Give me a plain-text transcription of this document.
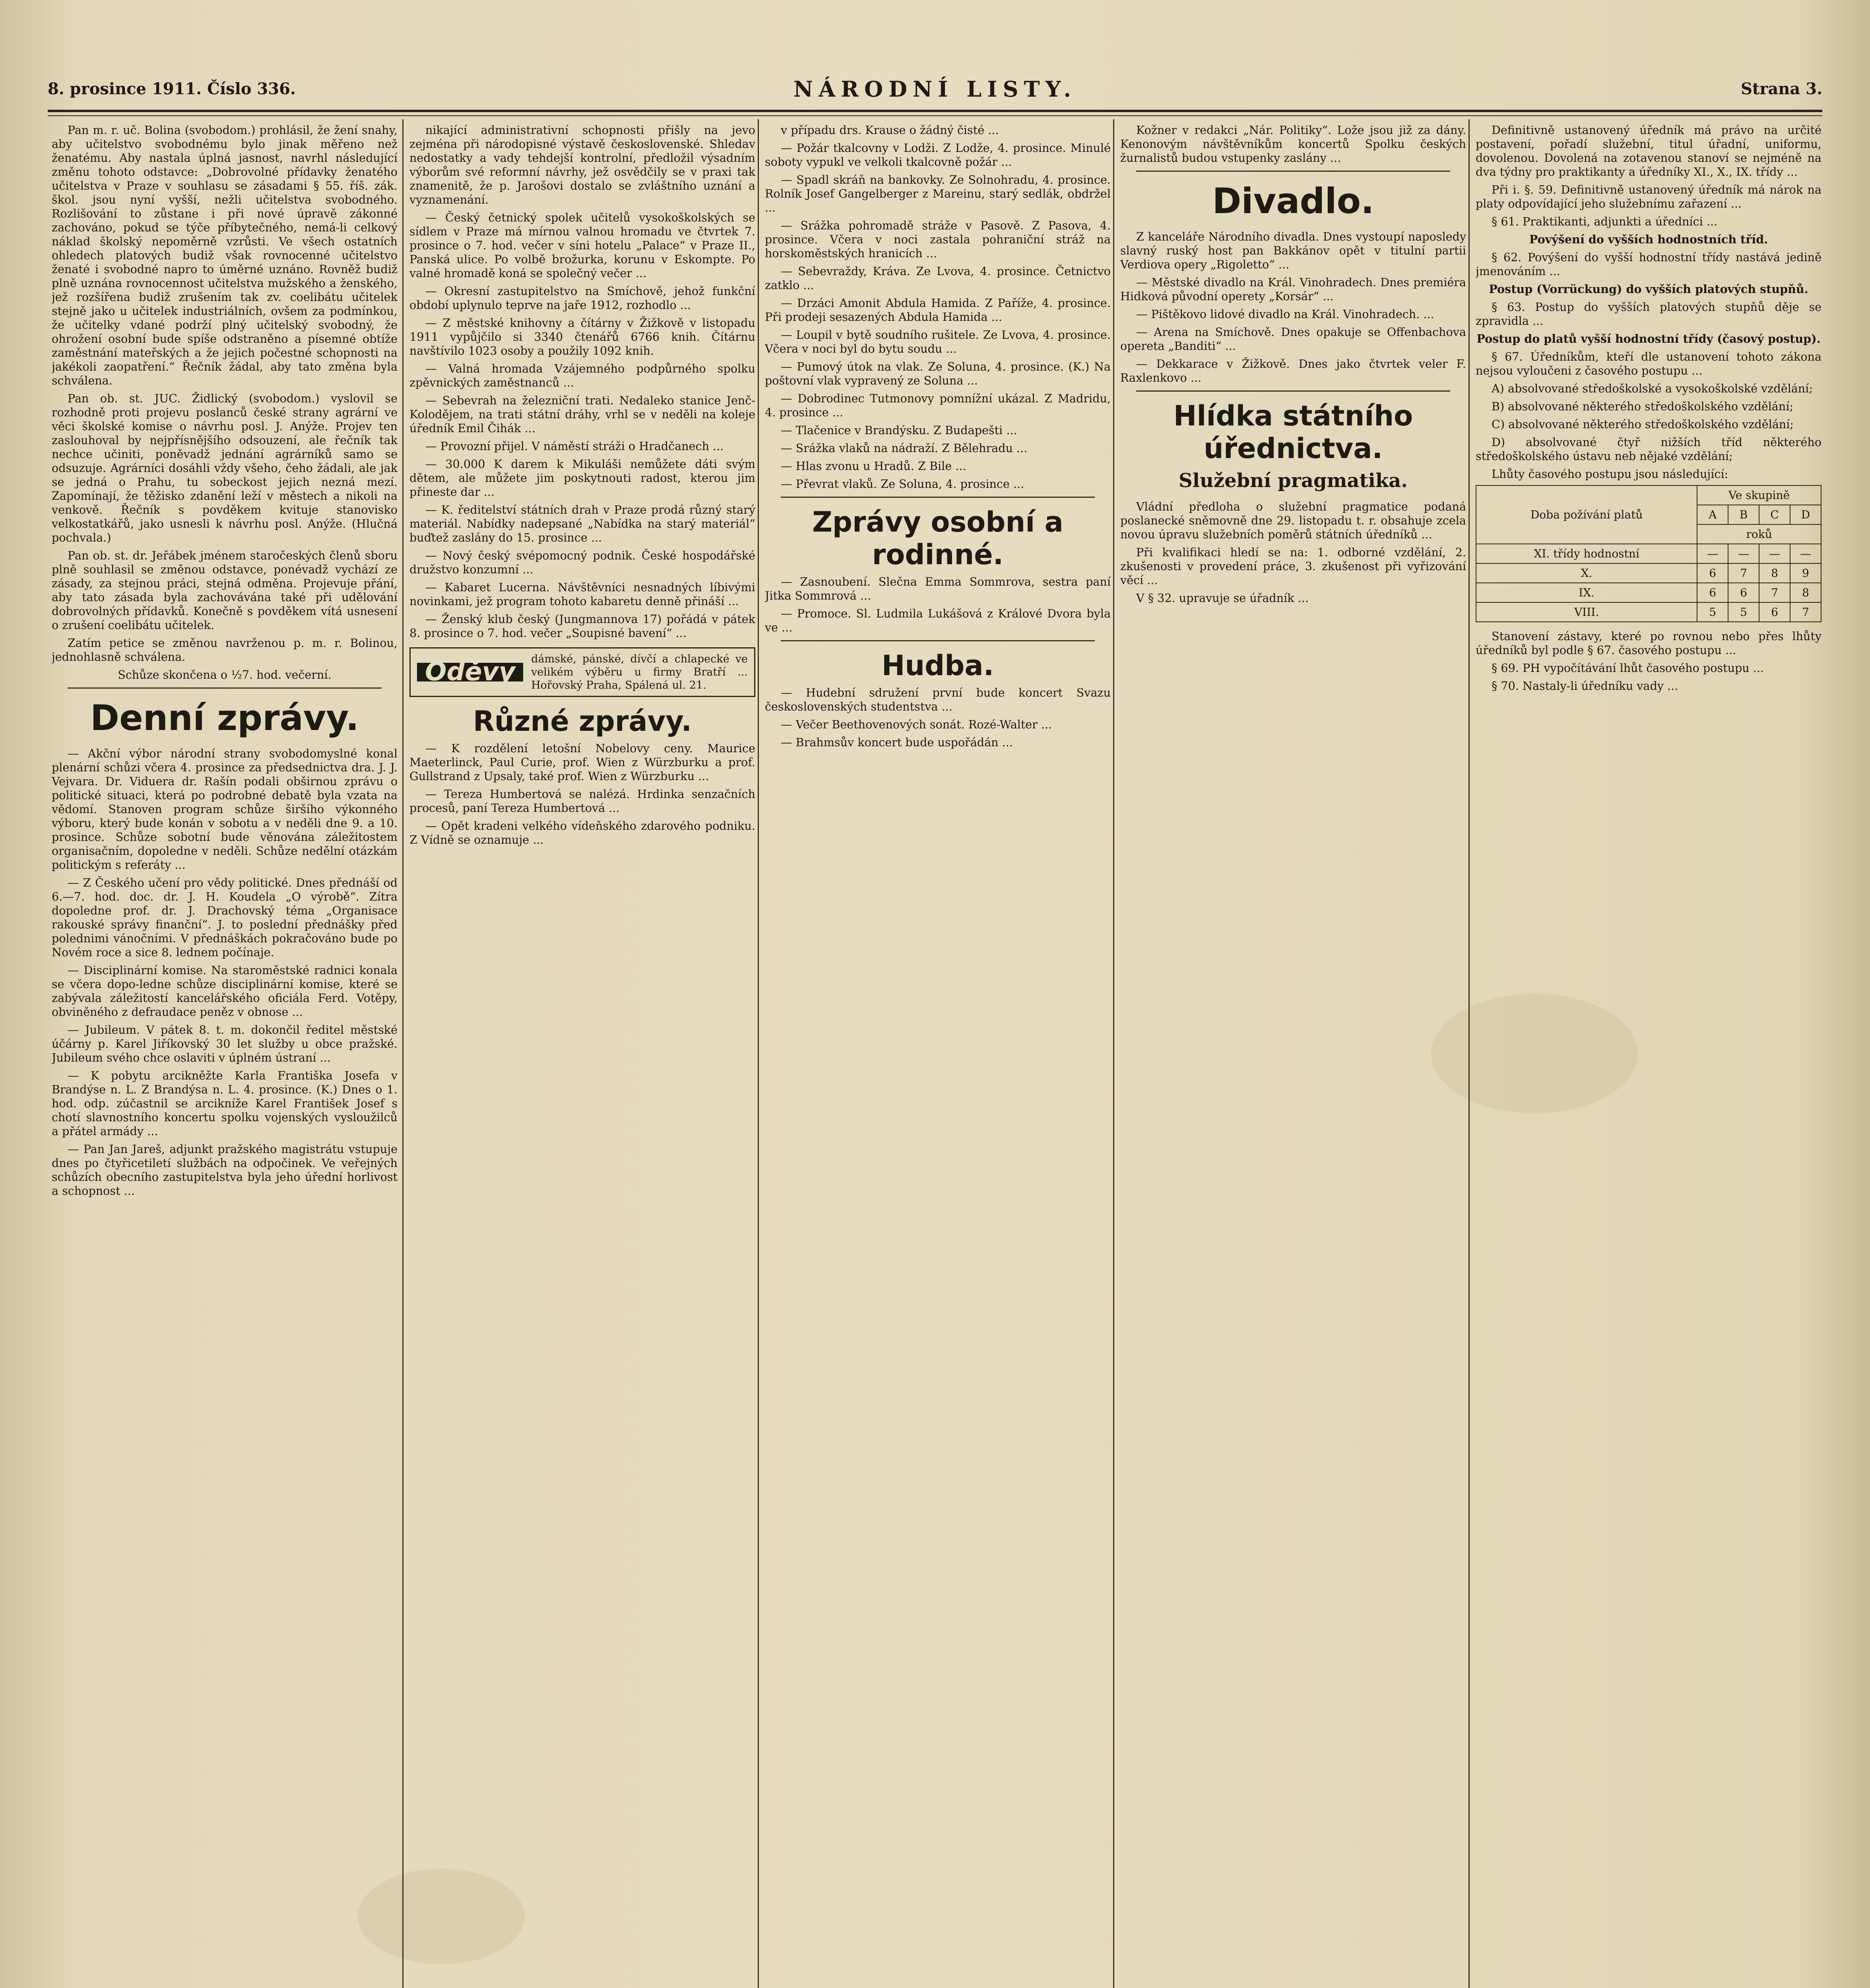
8. prosince 1911. Číslo 336.	NÁRODNÍ LISTY.	Strana 3.

Pan m. r. uč. Bolina (svobodom.) prohlásil, že žení snahy, aby učitelstvo svobodnému bylo jinak měřeno než ženatému. Aby nastala úplná jasnost, navrhl následující změnu tohoto odstavce: „Dobrovolné přídavky ženatého učitelstva v Praze v souhlasu se zásadami § 55. říš. zák. škol. jsou nyní vyšší, nežli učitelstva svobodného. Rozlišování to zůstane i při nové úpravě zákonné zachováno, pokud se týče příbytečného, nemá-li celkový náklad školský nepoměrně vzrůsti. Ve všech ostatních ohledech platových budiž však rovnocenné učitelstvo ženaté i svobodné napro to úměrné uznáno. Rovněž budiž plně uznána rovnocennost učitelstva mužského a ženského, jež rozšířena budiž zrušením tak zv. coelibátu učitelek stejně jako u učitelek industriálních, ovšem za podmínkou, že učitelky vdané podrží plný učitelský svobodný, že ohrožení osobní bude spíše odstraněno a písemné obtíže zaměstnání mateřských a že jejich počestné schopnosti na jakékoli zaopatření.“ Řečník žádal, aby tato změna byla schválena.

Pan ob. st. JUC. Židlický (svobodom.) vyslovil se rozhodně proti projevu poslanců české strany agrární ve věci školské komise o návrhu posl. J. Anýže. Projev ten zaslouhoval by nejpřísnějšího odsouzení, ale řečník tak nechce učiniti, poněvadž jednání agrárníků samo se odsuzuje. Agrárníci dosáhli vždy všeho, čeho žádali, ale jak se jedná o Prahu, tu sobeckost jejich nezná mezí. Zapomínají, že těžisko zdanění leží v městech a nikoli na venkově. Řečník s povděkem kvituje stanovisko velkostatkářů, jako usnesli k návrhu posl. Anýže. (Hlučná pochvala.)

Pan ob. st. dr. Jeřábek jménem staročeských členů sboru plně souhlasil se změnou odstavce, ponévadž vychází ze zásady, za stejnou práci, stejná odměna. Projevuje přání, aby tato zásada byla zachovávána také při udělování dobrovolných přídavků. Konečně s povděkem vítá usnesení o zrušení coelibátu učitelek.

Zatím petice se změnou navrženou p. m. r. Bolinou, jednohlasně schválena.

Schůze skončena o ½7. hod. večerní.

Denní zprávy.

— Akční výbor národní strany svobodomyslné konal plenární schůzi včera 4. prosince za předsednictva dra. J. J. Vejvara. Dr. Viduera dr. Rašín podali obširnou zprávu o politické situaci, která po podrobné debatě byla vzata na vědomí. Stanoven program schůze širšího výkonného výboru, který bude konán v sobotu a v neděli dne 9. a 10. prosince. Schůze sobotní bude věnována záležitostem organisačním, dopoledne v neděli. Schůze nedělní otázkám politickým s referáty ...

— Z Českého učení pro vědy politické. Dnes přednáší od 6.—7. hod. doc. dr. J. H. Koudela „O výrobě“. Zítra dopoledne prof. dr. J. Drachovský téma „Organisace rakouské správy finanční“. J. to poslední přednášky před polednimi vánočními. V přednáškách pokračováno bude po Novém roce a sice 8. lednem počínaje.

— Disciplinární komise. Na staroměstské radnici konala se včera dopo-ledne schůze disciplinární komise, které se zabývala záležitostí kancelářského oficiála Ferd. Votěpy, obviněného z defraudace peněz v obnose ...

— Jubileum. V pátek 8. t. m. dokončil ředitel městské účárny p. Karel Jiříkovský 30 let služby u obce pražské. Jubileum svého chce oslaviti v úplném ústraní ...

— K pobytu arcikněžte Karla Františka Josefa v Brandýse n. L. Z Brandýsa n. L. 4. prosince. (K.) Dnes o 1. hod. odp. zúčastnil se arcikníže Karel František Josef s chotí slavnostního koncertu spolku vojenských vysloužilců a přátel armády ...

— Pan Jan Jareš, adjunkt pražského magistrátu vstupuje dnes po čtyřicetiletí službách na odpočinek. Ve veřejných schůzích obecního zastupitelstva byla jeho úřední horlivost a schopnost ...

nikající administrativní schopnosti přišly na jevo zejména při národopisné výstavě československé. Shledav nedostatky a vady tehdejší kontrolní, předložil výsadním výborům své reformní návrhy, jež osvědčily se v praxi tak znamenitě, že p. Jarošovi dostalo se zvláštního uznání a vyznamenání.

— Český četnický spolek učitelů vysokoškolských se sídlem v Praze má mírnou valnou hromadu ve čtvrtek 7. prosince o 7. hod. večer v síni hotelu „Palace“ v Praze II., Panská ulice. Po volbě brožurka, korunu v Eskompte. Po valné hromadě koná se společný večer ...

— Okresní zastupitelstvo na Smíchově, jehož funkční období uplynulo teprve na jaře 1912, rozhodlo ...

— Z městské knihovny a čítárny v Žižkově v listopadu 1911 vypůjčilo si 3340 čtenářů 6766 knih. Čítárnu navštívilo 1023 osoby a použily 1092 knih.

— Valná hromada Vzájemného podpůrného spolku zpěvnických zaměstnanců ...

— Sebevrah na železniční trati. Nedaleko stanice Jenč-Kolodějem, na trati státní dráhy, vrhl se v neděli na koleje úředník Emil Čihák ...

— Provozní přijel. V náměstí stráži o Hradčanech ...

— 30.000 K darem k Mikuláši nemůžete dáti svým dětem, ale můžete jim poskytnouti radost, kterou jim přineste dar ...

— K. ředitelství státních drah v Praze prodá různý starý materiál. Nabídky nadepsané „Nabídka na starý materiál“ buďtež zaslány do 15. prosince ...

— Nový český svépomocný podnik. České hospodářské družstvo konzumní ...

— Kabaret Lucerna. Návštěvníci nesnadných líbivými novinkami, jež program tohoto kabaretu denně přináší ...

— Ženský klub český (Jungmannova 17) pořádá v pátek 8. prosince o 7. hod. večer „Soupisné bavení“ ...

Oděvy	dámské, pánské, dívčí a chlapecké ve velikém výběru u firmy Bratří ... Hořovský Praha, Spálená ul. 21.
Různé zprávy.

— K rozdělení letošní Nobelovy ceny. Maurice Maeterlinck, Paul Curie, prof. Wien z Würzburku a prof. Gullstrand z Upsaly, také prof. Wien z Würzburku ...

— Tereza Humbertová se nalézá. Hrdinka senzačních procesů, paní Tereza Humbertová ...

— Opět kradeni velkého vídeňského zdarového podniku. Z Vídně se oznamuje ...

v případu drs. Krause o žádný čisté ...

— Požár tkalcovny v Lodži. Z Lodže, 4. prosince. Minulé soboty vypukl ve velkoli tkalcovně požár ...

— Spadl skráň na bankovky. Ze Solnohradu, 4. prosince. Rolník Josef Gangelberger z Mareinu, starý sedlák, obdržel ...

— Srážka pohromadě stráže v Pasově. Z Pasova, 4. prosince. Včera v noci zastala pohraniční stráž na horskoměstských hranicích ...

— Sebevraždy, Kráva. Ze Lvova, 4. prosince. Četnictvo zatklo ...

— Drzáci Amonit Abdula Hamida. Z Paříže, 4. prosince. Při prodeji sesazených Abdula Hamida ...

— Loupil v bytě soudního rušitele. Ze Lvova, 4. prosince. Včera v noci byl do bytu soudu ...

— Pumový útok na vlak. Ze Soluna, 4. prosince. (K.) Na poštovní vlak vypravený ze Soluna ...

— Dobrodinec Tutmonovy pomnížní ukázal. Z Madridu, 4. prosince ...

— Tlačenice v Brandýsku. Z Budapešti ...

— Srážka vlaků na nádraží. Z Bělehradu ...

— Hlas zvonu u Hradů. Z Bile ...

— Převrat vlaků. Ze Soluna, 4. prosince ...

Zprávy osobní a rodinné.

— Zasnoubení. Slečna Emma Sommrova, sestra paní Jitka Sommrová ...

— Promoce. Sl. Ludmila Lukášová z Králové Dvora byla ve ...

Hudba.

— Hudební sdružení první bude koncert Svazu československých studentstva ...

— Večer Beethovenových sonát. Rozé-Walter ...

— Brahmsův koncert bude uspořádán ...

Kožner v redakci „Nár. Politiky“. Lože jsou již za dány. Kenonovým návštěvníkům koncertů Spolku českých žurnalistů budou vstupenky zaslány ...

Divadlo.

Z kanceláře Národního divadla. Dnes vystoupí naposledy slavný ruský host pan Bakkánov opět v titulní partii Verdiova opery „Rigoletto“ ...

— Městské divadlo na Král. Vinohradech. Dnes premiéra Hidková původní operety „Korsár“ ...

— Pištěkovo lidové divadlo na Král. Vinohradech. ...

— Arena na Smíchově. Dnes opakuje se Offenbachova opereta „Banditi“ ...

— Dekkarace v Žižkově. Dnes jako čtvrtek veler F. Raxlenkovo ...

Hlídka státního úřednictva.
Služební pragmatika.

Vládní předloha o služební pragmatice podaná poslanecké sněmovně dne 29. listopadu t. r. obsahuje zcela novou úpravu služebních poměrů státních úředníků ...

Při kvalifikaci hledí se na: 1. odborné vzdělání, 2. zkušenosti v provedení práce, 3. zkušenost při vyřizování věcí ...

V § 32. upravuje se úřadník ...

Definitivně ustanovený úředník má právo na určité postavení, pořadí služební, titul úřadní, uniformu, dovolenou. Dovolená na zotavenou stanoví se nejméně na dva týdny pro praktikanty a úředníky XI., X., IX. třídy ...

Při i. §. 59. Definitivně ustanovený úředník má nárok na platy odpovídající jeho služebnímu zařazení ...

§ 61. Praktikanti, adjunkti a úředníci ...

Povýšení do vyšších hodnostních tříd.

§ 62. Povýšení do vyšší hodnostní třídy nastává jedině jmenováním ...

Postup (Vorrückung) do vyšších platových stupňů.

§ 63. Postup do vyšších platových stupňů děje se zpravidla ...

Postup do platů vyšší hodnostní třídy (časový postup).

§ 67. Úředníkům, kteří dle ustanovení tohoto zákona nejsou vyloučeni z časového postupu ...

A) absolvované středoškolské a vysokoškolské vzdělání;

B) absolvované některého středoškolského vzdělání;

C) absolvované některého středoškolského vzdělání;

D) absolvované čtyř nižších tříd některého středoškolského ústavu neb nějaké vzdělání;

Lhůty časového postupu jsou následující:

Doba požívání platů	Ve skupině			
	A	B	C	D
	roků			
XI. třídy hodnostní	—	—	—	—
X.	6	7	8	9
IX.	6	6	7	8
VIII.	5	5	6	7

Stanovení zástavy, které po rovnou nebo přes lhůty úředníků byl podle § 67. časového postupu ...

§ 69. PH vypočítávání lhůt časového postupu ...

§ 70. Nastaly-li úředníku vady ...
